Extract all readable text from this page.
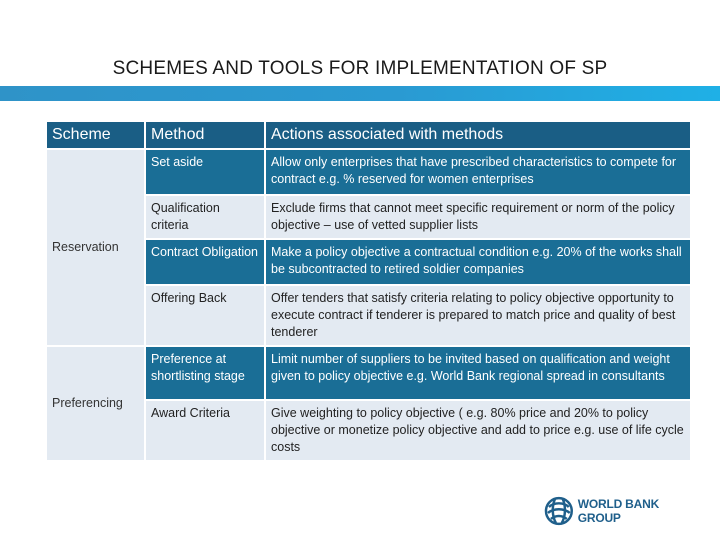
SCHEMES AND TOOLS FOR IMPLEMENTATION OF SP
Scheme	Method	Actions associated with methods
Reservation	Set aside	Allow only enterprises that have prescribed characteristics to compete for contract e.g. % reserved for women enterprises
	Qualification criteria	Exclude firms that cannot meet specific requirement or norm of the policy objective – use of vetted supplier lists
	Contract Obligation	Make a policy objective a contractual condition e.g. 20% of the works shall be subcontracted to retired soldier companies
	Offering Back	Offer tenders that satisfy criteria relating to policy objective opportunity to execute contract if tenderer is prepared to match price and quality of best tenderer
Preferencing	Preference at shortlisting stage	Limit number of suppliers to be invited based on qualification and weight given to policy objective e.g. World Bank regional spread in consultants
	Award Criteria	Give weighting to policy objective ( e.g. 80% price and 20% to policy objective or monetize policy objective and add to price e.g. use of life cycle costs
WORLD BANK GROUP
